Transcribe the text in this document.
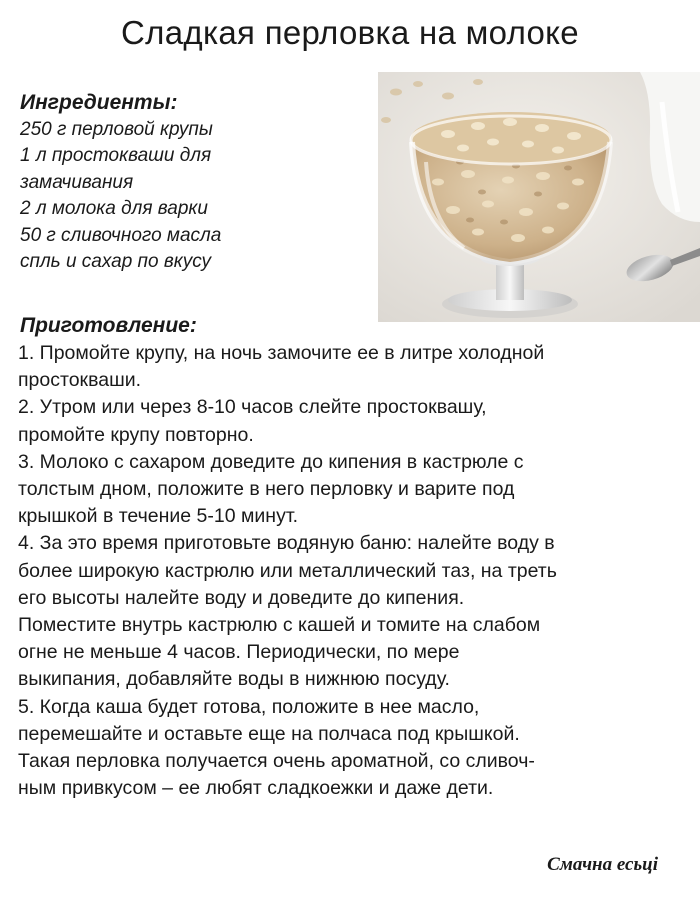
Сладкая перловка на молоке
Ингредиенты:
250 г перловой крупы
1 л простокваши для
замачивания
2 л молока для варки
50 г сливочного масла
спль и сахар по вкусу
Приготовление:
1. Промойте крупу, на ночь замочите ее в литре холодной
простокваши.
2. Утром или через 8-10 часов слейте простоквашу,
промойте крупу повторно.
3. Молоко с сахаром доведите до кипения в кастрюле с
толстым дном, положите в него перловку и варите под
крышкой в течение 5-10 минут.
4. За это время приготовьте водяную баню: налейте воду в
более широкую кастрюлю или металлический таз, на треть
его высоты налейте воду и доведите до кипения.
Поместите внутрь кастрюлю с кашей и томите на слабом
огне не меньше 4 часов. Периодически, по мере
выкипания, добавляйте воды в нижнюю посуду.
5. Когда каша будет готова, положите в нее масло,
перемешайте и оставьте еще на полчаса под крышкой.
Такая перловка получается очень ароматной, со сливоч-
ным привкусом – ее любят сладкоежки и даже дети.
Смачна есьці
